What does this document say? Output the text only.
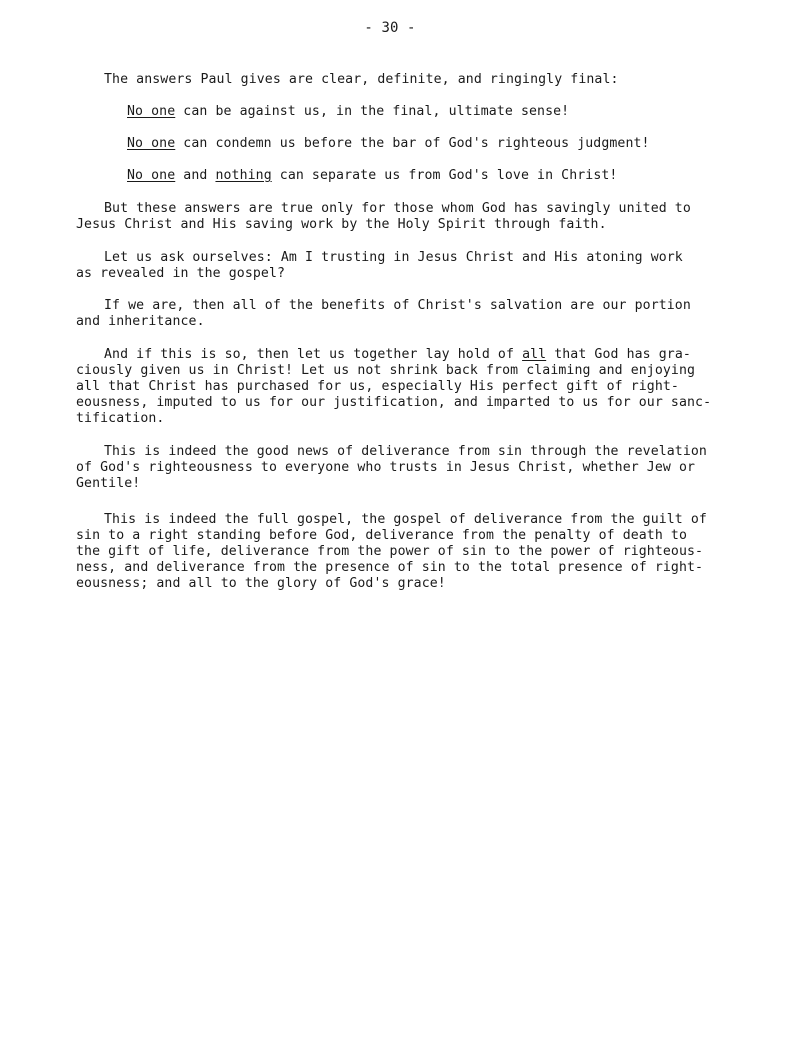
- 30 -
The answers Paul gives are clear, definite, and ringingly final:
No one can be against us, in the final, ultimate sense!
No one can condemn us before the bar of God's righteous judgment!
No one and nothing can separate us from God's love in Christ!
But these answers are true only for those whom God has savingly united to
Jesus Christ and His saving work by the Holy Spirit through faith.
Let us ask ourselves: Am I trusting in Jesus Christ and His atoning work
as revealed in the gospel?
If we are, then all of the benefits of Christ's salvation are our portion
and inheritance.
And if this is so, then let us together lay hold of all that God has gra-
ciously given us in Christ! Let us not shrink back from claiming and enjoying
all that Christ has purchased for us, especially His perfect gift of right-
eousness, imputed to us for our justification, and imparted to us for our sanc-
tification.
This is indeed the good news of deliverance from sin through the revelation
of God's righteousness to everyone who trusts in Jesus Christ, whether Jew or
Gentile!
This is indeed the full gospel, the gospel of deliverance from the guilt of
sin to a right standing before God, deliverance from the penalty of death to
the gift of life, deliverance from the power of sin to the power of righteous-
ness, and deliverance from the presence of sin to the total presence of right-
eousness; and all to the glory of God's grace!
